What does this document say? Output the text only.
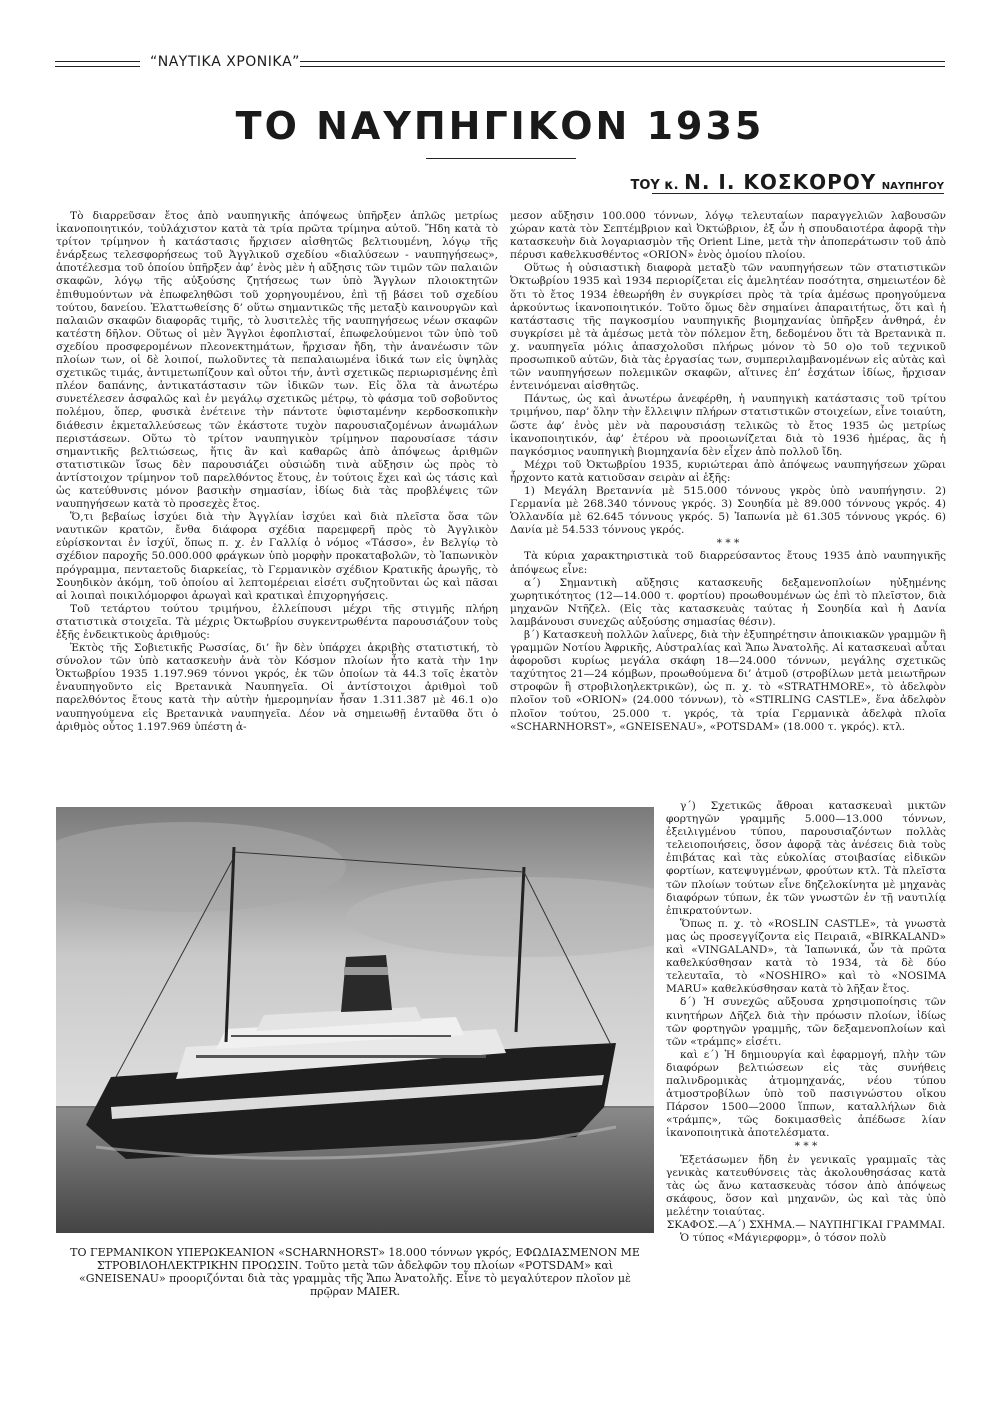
“ΝΑΥΤΙΚΑ ΧΡΟΝΙΚΑ”
ΤΟ ΝΑΥΠΗΓΙΚΟΝ 1935
ΤΟΥ κ. Ν. Ι. ΚΟΣΚΟΡΟΥ ΝΑΥΠΗΓΟΥ

Τὸ διαρρεῦσαν ἔτος ἀπὸ ναυπηγικῆς ἀπόψεως ὑπῆρξεν ἁπλῶς μετρίως ἱκανοποιητικόν, τοὐλάχιστον κατὰ τὰ τρία πρῶτα τρίμηνα αὐτοῦ. Ἤδη κατὰ τὸ τρίτον τρίμηνον ἡ κατάστασις ἤρχισεν αἰσθητῶς βελτιουμένη, λόγῳ τῆς ἐνάρξεως τελεσφορήσεως τοῦ Ἀγγλικοῦ σχεδίου «διαλύσεων - ναυπηγήσεως», ἀποτέλεσμα τοῦ ὁποίου ὑπῆρξεν ἀφ’ ἑνὸς μὲν ἡ αὔξησις τῶν τιμῶν τῶν παλαιῶν σκαφῶν, λόγῳ τῆς αὐξούσης ζητήσεως των ὑπὸ Ἄγγλων πλοιοκτητῶν ἐπιθυμούντων νὰ ἐπωφεληθῶσι τοῦ χορηγουμένου, ἐπὶ τῇ βάσει τοῦ σχεδίου τούτου, δανείου. Ἐλαττωθείσης δ’ οὕτω σημαντικῶς τῆς μεταξὺ καινουργῶν καὶ παλαιῶν σκαφῶν διαφορᾶς τιμῆς, τὸ λυσιτελὲς τῆς ναυπηγήσεως νέων σκαφῶν κατέστη δῆλον. Οὕτως οἱ μὲν Ἄγγλοι ἐφοπλισταί, ἐπωφελούμενοι τῶν ὑπὸ τοῦ σχεδίου προσφερομένων πλεονεκτημάτων, ἤρχισαν ἤδη, τὴν ἀνανέωσιν τῶν πλοίων των, οἱ δὲ λοιποί, πωλοῦντες τὰ πεπαλαιωμένα ἰδικά των εἰς ὑψηλὰς σχετικῶς τιμάς, ἀντιμετωπίζουν καὶ οὗτοι τήν, ἀντὶ σχετικῶς περιωρισμένης ἐπὶ πλέον δαπάνης, ἀντικατάστασιν τῶν ἰδικῶν των. Εἰς ὅλα τὰ ἀνωτέρω συνετέλεσεν ἀσφαλῶς καὶ ἐν μεγάλῳ σχετικῶς μέτρῳ, τὸ φάσμα τοῦ σοβοῦντος πολέμου, ὅπερ, φυσικὰ ἐνέτεινε τὴν πάντοτε ὑφισταμένην κερδοσκοπικὴν διάθεσιν ἐκμεταλλεύσεως τῶν ἑκάστοτε τυχὸν παρουσιαζομένων ἀνωμάλων περιστάσεων. Οὕτω τὸ τρίτον ναυπηγικὸν τρίμηνον παρουσίασε τάσιν σημαντικῆς βελτιώσεως, ἥτις ἂν καὶ καθαρῶς ἀπὸ ἀπόψεως ἀριθμῶν στατιστικῶν ἴσως δὲν παρουσιάζει οὐσιώδη τινὰ αὔξησιν ὡς πρὸς τὸ ἀντίστοιχον τρίμηνον τοῦ παρελθόντος ἔτους, ἐν τούτοις ἔχει καὶ ὡς τάσις καὶ ὡς κατεύθυνσις μόνον βασικὴν σημασίαν, ἰδίως διὰ τὰς προβλέψεις τῶν ναυπηγήσεων κατὰ τὸ προσεχὲς ἔτος.

Ὅ,τι βεβαίως ἰσχύει διὰ τὴν Ἀγγλίαν ἰσχύει καὶ διὰ πλεῖστα ὅσα τῶν ναυτικῶν κρατῶν, ἔνθα διάφορα σχέδια παρεμφερῆ πρὸς τὸ Ἀγγλικὸν εὑρίσκονται ἐν ἰσχύϊ, ὅπως π. χ. ἐν Γαλλίᾳ ὁ νόμος «Τάσσο», ἐν Βελγίῳ τὸ σχέδιον παροχῆς 50.000.000 φράγκων ὑπὸ μορφὴν προκαταβολῶν, τὸ Ἰαπωνικὸν πρόγραμμα, πενταετοῦς διαρκείας, τὸ Γερμανικὸν σχέδιον Κρατικῆς ἀρωγῆς, τὸ Σουηδικὸν ἀκόμη, τοῦ ὁποίου αἱ λεπτομέρειαι εἰσέτι συζητοῦνται ὡς καὶ πᾶσαι αἱ λοιπαὶ ποικιλόμορφοι ἀρωγαὶ καὶ κρατικαὶ ἐπιχορηγήσεις.

Τοῦ τετάρτου τούτου τριμήνου, ἐλλείπουσι μέχρι τῆς στιγμῆς πλήρη στατιστικὰ στοιχεῖα. Τὰ μέχρις Ὀκτωβρίου συγκεντρωθέντα παρουσιάζουν τοὺς ἑξῆς ἐνδεικτικοὺς ἀριθμούς:

Ἐκτὸς τῆς Σοβιετικῆς Ρωσσίας, δι’ ἣν δὲν ὑπάρχει ἀκριβὴς στατιστική, τὸ σύνολον τῶν ὑπὸ κατασκευὴν ἀνὰ τὸν Κόσμον πλοίων ἦτο κατὰ τὴν 1ην Ὀκτωβρίου 1935 1.197.969 τόννοι γκρός, ἐκ τῶν ὁποίων τὰ 44.3 τοῖς ἑκατὸν ἐναυπηγοῦντο εἰς Βρετανικὰ Ναυπηγεῖα. Οἱ ἀντίστοιχοι ἀριθμοὶ τοῦ παρελθόντος ἔτους κατὰ τὴν αὐτὴν ἡμερομηνίαν ἦσαν 1.311.387 μὲ 46.1 ο)ο ναυπηγούμενα εἰς Βρετανικὰ ναυπηγεῖα. Δέον νὰ σημειωθῇ ἐνταῦθα ὅτι ὁ ἀριθμὸς οὗτος 1.197.969 ὑπέστη ἀ-

μεσον αὔξησιν 100.000 τόννων, λόγῳ τελευταίων παραγγελιῶν λαβουσῶν χώραν κατὰ τὸν Σεπτέμβριον καὶ Ὀκτώβριον, ἐξ ὧν ἡ σπουδαιοτέρα ἀφορᾷ τὴν κατασκευὴν διὰ λογαριασμὸν τῆς Orient Line, μετὰ τὴν ἀποπεράτωσιν τοῦ ἀπὸ πέρυσι καθελκυσθέντος «ORION» ἑνὸς ὁμοίου πλοίου.

Οὕτως ἡ οὐσιαστικὴ διαφορὰ μεταξὺ τῶν ναυπηγήσεων τῶν στατιστικῶν Ὀκτωβρίου 1935 καὶ 1934 περιορίζεται εἰς ἀμελητέαν ποσότητα, σημειωτέον δὲ ὅτι τὸ ἔτος 1934 ἐθεωρήθη ἐν συγκρίσει πρὸς τὰ τρία ἀμέσως προηγούμενα ἀρκούντως ἱκανοποιητικόν. Τοῦτο ὅμως δὲν σημαίνει ἀπαραιτήτως, ὅτι καὶ ἡ κατάστασις τῆς παγκοσμίου ναυπηγικῆς βιομηχανίας ὑπῆρξεν ἀνθηρά, ἐν συγκρίσει μὲ τὰ ἀμέσως μετὰ τὸν πόλεμον ἔτη, δεδομένου ὅτι τὰ Βρετανικὰ π. χ. ναυπηγεῖα μόλις ἀπασχολοῦσι πλήρως μόνον τὸ 50 ο)ο τοῦ τεχνικοῦ προσωπικοῦ αὐτῶν, διὰ τὰς ἐργασίας των, συμπεριλαμβανομένων εἰς αὐτὰς καὶ τῶν ναυπηγήσεων πολεμικῶν σκαφῶν, αἵτινες ἐπ’ ἐσχάτων ἰδίως, ἤρχισαν ἐντεινόμεναι αἰσθητῶς.

Πάντως, ὡς καὶ ἀνωτέρω ἀνεφέρθη, ἡ ναυπηγικὴ κατάστασις τοῦ τρίτου τριμήνου, παρ’ ὅλην τὴν ἔλλειψιν πλήρων στατιστικῶν στοιχείων, εἶνε τοιαύτη, ὥστε ἀφ’ ἑνὸς μὲν νὰ παρουσιάσῃ τελικῶς τὸ ἔτος 1935 ὡς μετρίως ἱκανοποιητικόν, ἀφ’ ἑτέρου νὰ προοιωνίζεται διὰ τὸ 1936 ἡμέρας, ἃς ἡ παγκόσμιος ναυπηγικὴ βιομηχανία δὲν εἶχεν ἀπὸ πολλοῦ ἴδη.

Μέχρι τοῦ Ὀκτωβρίου 1935, κυριώτεραι ἀπὸ ἀπόψεως ναυπηγήσεων χῶραι ἦρχοντο κατὰ κατιοῦσαν σειρὰν αἱ ἑξῆς:

1) Μεγάλη Βρεταννία μὲ 515.000 τόννους γκρὸς ὑπὸ ναυπήγησιν. 2) Γερμανία μὲ 268.340 τόννους γκρός. 3) Σουηδία μὲ 89.000 τόννους γκρός. 4) Ὁλλανδία μὲ 62.645 τόννους γκρός. 5) Ἰαπωνία μὲ 61.305 τόννους γκρός. 6) Δανία μὲ 54.533 τόννους γκρός.

* * *

Τὰ κύρια χαρακτηριστικὰ τοῦ διαρρεύσαντος ἔτους 1935 ἀπὸ ναυπηγικῆς ἀπόψεως εἶνε:

α΄) Σημαντικὴ αὔξησις κατασκευῆς δεξαμενοπλοίων ηὐξημένης χωρητικότητος (12—14.000 τ. φορτίου) προωθουμένων ὡς ἐπὶ τὸ πλεῖστον, διὰ μηχανῶν Ντῆζελ. (Εἰς τὰς κατασκευὰς ταύτας ἡ Σουηδία καὶ ἡ Δανία λαμβάνουσι συνεχῶς αὐξούσης σημασίας θέσιν).

β΄) Κατασκευὴ πολλῶν λαΐνερς, διὰ τὴν ἐξυπηρέτησιν ἀποικιακῶν γραμμῶν ἢ γραμμῶν Νοτίου Ἀφρικῆς, Αὐστραλίας καὶ Ἄπω Ἀνατολῆς. Αἱ κατασκευαὶ αὗται ἀφοροῦσι κυρίως μεγάλα σκάφη 18—24.000 τόννων, μεγάλης σχετικῶς ταχύτητος 21—24 κόμβων, προωθούμενα δι’ ἀτμοῦ (στροβίλων μετὰ μειωτῆρων στροφῶν ἢ στροβιλοηλεκτρικῶν), ὡς π. χ. τὸ «STRATHMORE», τὸ ἀδελφὸν πλοῖον τοῦ «ORION» (24.000 τόννων), τὸ «STIRLING CASTLE», ἕνα ἀδελφὸν πλοῖον τούτου, 25.000 τ. γκρός, τὰ τρία Γερμανικὰ ἀδελφὰ πλοῖα «SCHARNHORST», «GNEISENAU», «POTSDAM» (18.000 τ. γκρός). κτλ.

γ΄) Σχετικῶς ἄθροαι κατασκευαὶ μικτῶν φορτηγῶν γραμμῆς 5.000—13.000 τόννων, ἐξειλιγμένου τύπου, παρουσιαζόντων πολλὰς τελειοποιήσεις, ὅσον ἀφορᾷ τὰς ἀνέσεις διὰ τοὺς ἐπιβάτας καὶ τὰς εὐκολίας στοιβασίας εἰδικῶν φορτίων, κατεψυγμένων, φρούτων κτλ. Τὰ πλεῖστα τῶν πλοίων τούτων εἶνε δηζελοκίνητα μὲ μηχανὰς διαφόρων τύπων, ἐκ τῶν γνωστῶν ἐν τῇ ναυτιλίᾳ ἐπικρατούντων.

Ὅπως π. χ. τὸ «ROSLIN CASTLE», τὰ γνωστὰ μας ὡς προσεγγίζοντα εἰς Πειραιᾶ, «BIRKALAND» καὶ «VINGALAND», τὰ Ἰαπωνικά, ὧν τὰ πρῶτα καθελκύσθησαν κατὰ τὸ 1934, τὰ δὲ δύο τελευταῖα, τὸ «NOSHIRO» καὶ τὸ «NOSIMA MARU» καθελκύσθησαν κατὰ τὸ λῆξαν ἔτος.

δ΄) Ἡ συνεχῶς αὔξουσα χρησιμοποίησις τῶν κινητήρων Δῆζελ διὰ τὴν πρόωσιν πλοίων, ἰδίως τῶν φορτηγῶν γραμμῆς, τῶν δεξαμενοπλοίων καὶ τῶν «τράμπς» εἰσέτι.

καὶ ε΄) Ἡ δημιουργία καὶ ἐφαρμογή, πλὴν τῶν διαφόρων βελτιώσεων εἰς τὰς συνήθεις παλινδρομικὰς ἀτμομηχανάς, νέου τύπου ἀτμοστροβίλων ὑπὸ τοῦ πασιγνώστου οἴκου Πάρσον 1500—2000 ἵππων, καταλλήλων διὰ «τράμπς», τῶς δοκιμασθεὶς ἀπέδωσε λίαν ἱκανοποιητικὰ ἀποτελέσματα.

* * *

Ἐξετάσωμεν ἤδη ἐν γενικαῖς γραμμαῖς τὰς γενικὰς κατευθύνσεις τὰς ἀκολουθησάσας κατὰ τὰς ὡς ἄνω κατασκευὰς τόσον ἀπὸ ἀπόψεως σκάφους, ὅσον καὶ μηχανῶν, ὡς καὶ τὰς ὑπὸ μελέτην τοιαύτας.

ΣΚΑΦΟΣ.—Α΄) ΣΧΗΜΑ.— ΝΑΥΠΗΓΙΚΑΙ ΓΡΑΜΜΑΙ.

Ὁ τύπος «Μάγιερφορμ», ὁ τόσον πολὺ

ΤΟ ΓΕΡΜΑΝΙΚΟΝ ΥΠΕΡΩΚΕΑΝΙΟΝ «SCHARNHORST» 18.000 τόννων γκρός, ΕΦΩΔΙΑΣΜΕΝΟΝ ΜΕ ΣΤΡΟΒΙΛΟΗΛΕΚΤΡΙΚΗΝ ΠΡΟΩΣΙΝ. Τοῦτο μετὰ τῶν ἀδελφῶν του πλοίων «POTSDAM» καὶ «GNEISENAU» προοριζόνται διὰ τὰς γραμμὰς τῆς Ἄπω Ἀνατολῆς. Εἶνε τὸ μεγαλύτερον πλοῖον μὲ πρῷραν MAIER.
